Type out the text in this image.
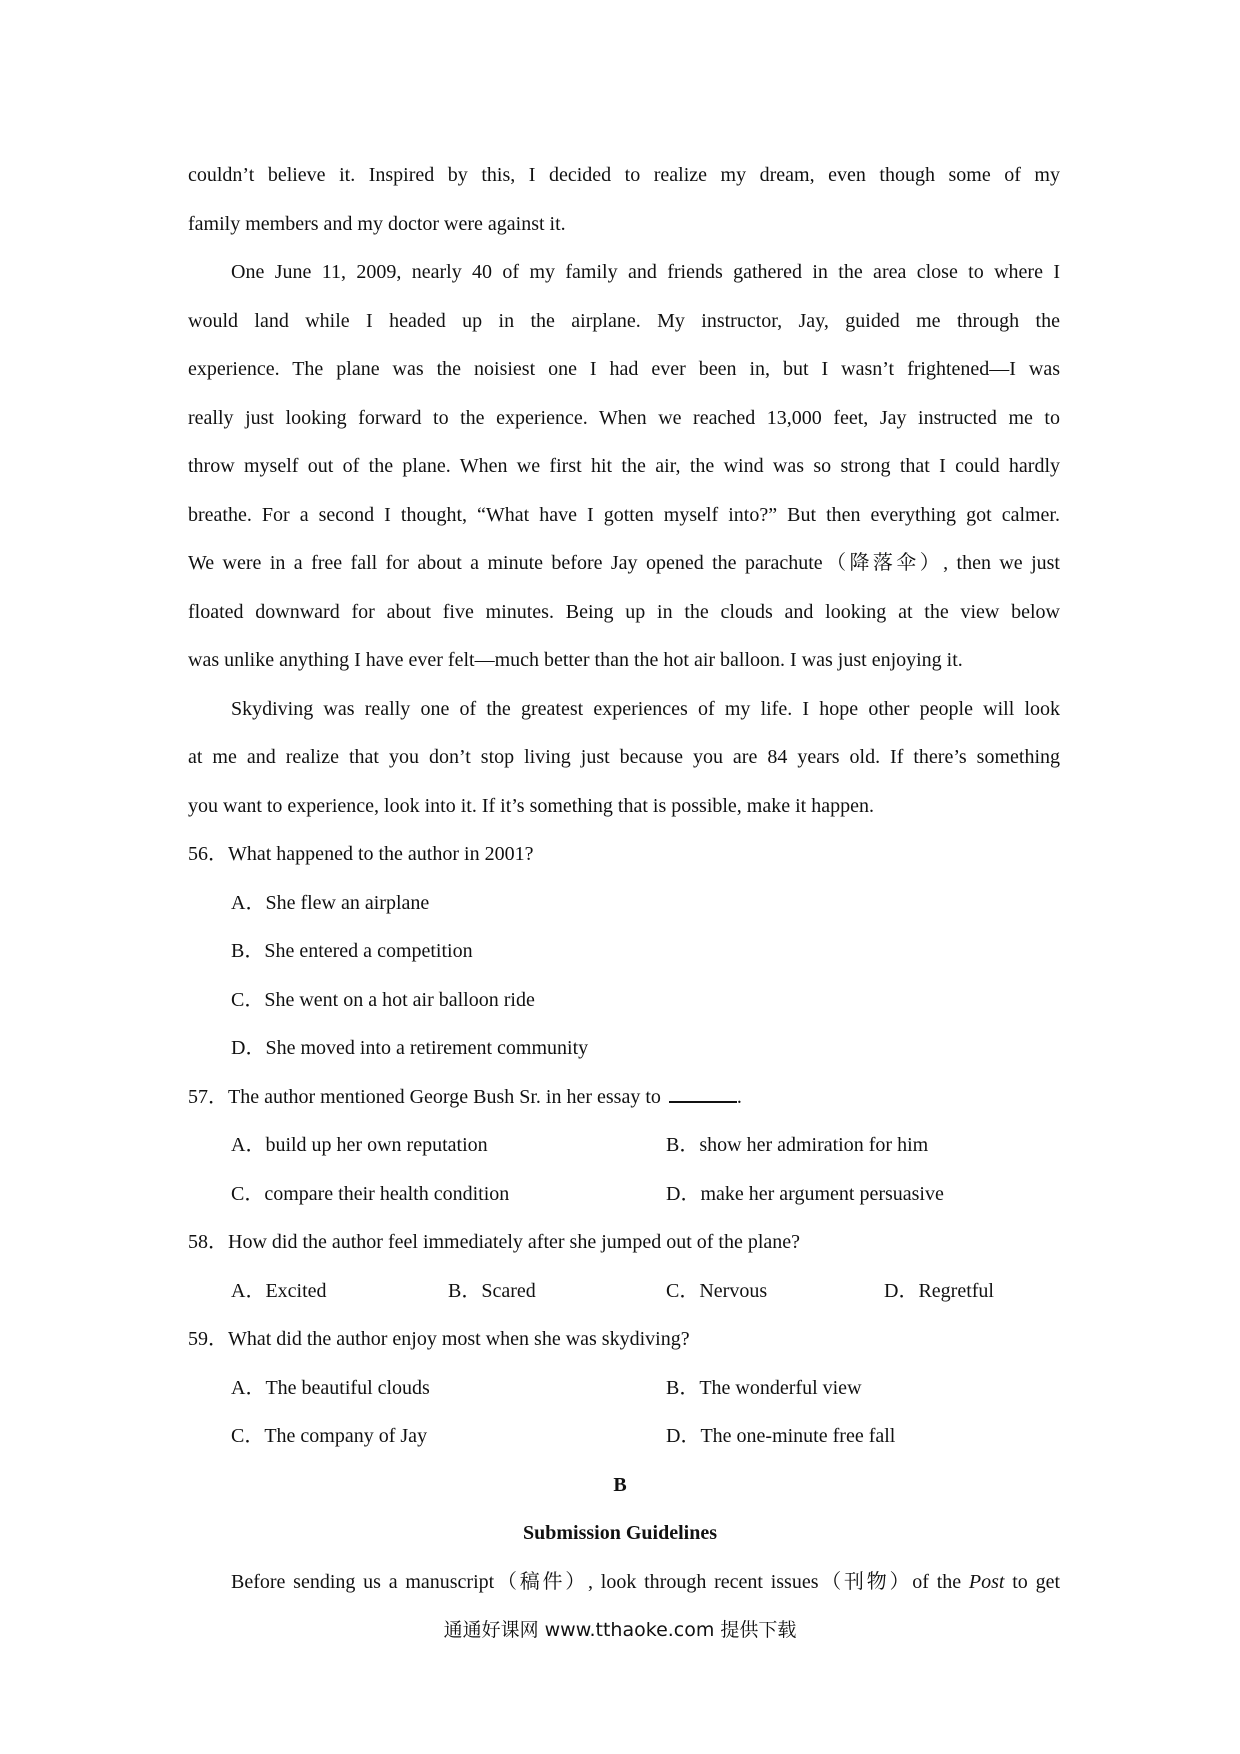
couldn’t believe it. Inspired by this, I decided to realize my dream, even though some of my
family members and my doctor were against it.
One June 11, 2009, nearly 40 of my family and friends gathered in the area close to where I
would land while I headed up in the airplane. My instructor, Jay, guided me through the
experience. The plane was the noisiest one I had ever been in, but I wasn’t frightened—I was
really just looking forward to the experience. When we reached 13,000 feet, Jay instructed me to
throw myself out of the plane. When we first hit the air, the wind was so strong that I could hardly
breathe. For a second I thought, “What have I gotten myself into?” But then everything got calmer.
We were in a free fall for about a minute before Jay opened the parachute（降落伞）, then we just
floated downward for about five minutes. Being up in the clouds and looking at the view below
was unlike anything I have ever felt—much better than the hot air balloon. I was just enjoying it.
Skydiving was really one of the greatest experiences of my life. I hope other people will look
at me and realize that you don’t stop living just because you are 84 years old. If there’s something
you want to experience, look into it. If it’s something that is possible, make it happen.
56．What happened to the author in 2001?
A．She flew an airplane
B．She entered a competition
C．She went on a hot air balloon ride
D．She moved into a retirement community
57．The author mentioned George Bush Sr. in her essay to	.
A．build up her own reputation	B．show her admiration for him
C．compare their health condition	D．make her argument persuasive
58．How did the author feel immediately after she jumped out of the plane?
A．Excited	B．Scared	C．Nervous	D．Regretful
59．What did the author enjoy most when she was skydiving?
A．The beautiful clouds	B．The wonderful view
C．The company of Jay	D．The one-minute free fall
B
Submission Guidelines
Before sending us a manuscript（稿件）, look through recent issues（刊物）of the Post to get
通通好课网 www.tthaoke.com 提供下载
